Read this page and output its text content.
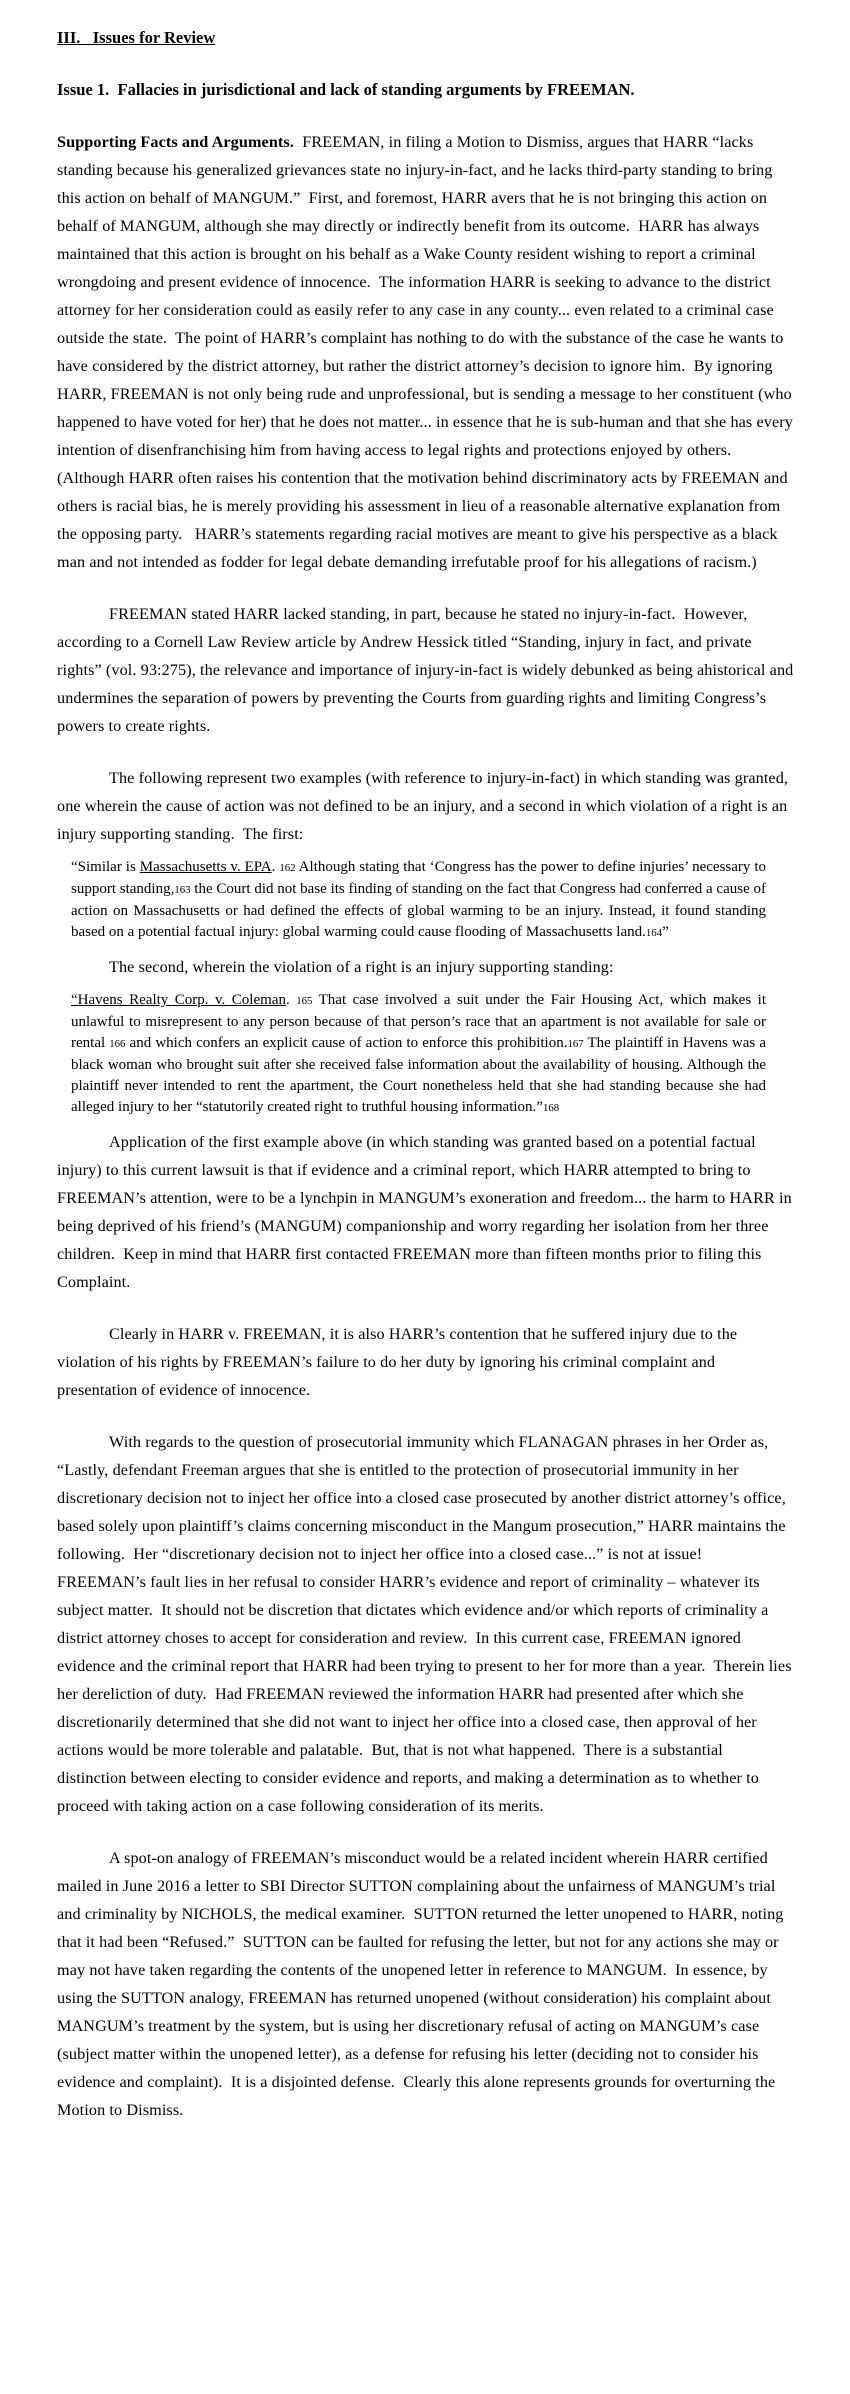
III.   Issues for Review
Issue 1.  Fallacies in jurisdictional and lack of standing arguments by FREEMAN.

Supporting Facts and Arguments.  FREEMAN, in filing a Motion to Dismiss, argues that HARR “lacks standing because his generalized grievances state no injury-in-fact, and he lacks third-party standing to bring this action on behalf of MANGUM.”  First, and foremost, HARR avers that he is not bringing this action on behalf of MANGUM, although she may directly or indirectly benefit from its outcome.  HARR has always maintained that this action is brought on his behalf as a Wake County resident wishing to report a criminal wrongdoing and present evidence of innocence.  The information HARR is seeking to advance to the district attorney for her consideration could as easily refer to any case in any county... even related to a criminal case outside the state.  The point of HARR’s complaint has nothing to do with the substance of the case he wants to have considered by the district attorney, but rather the district attorney’s decision to ignore him.  By ignoring HARR, FREEMAN is not only being rude and unprofessional, but is sending a message to her constituent (who happened to have voted for her) that he does not matter... in essence that he is sub-human and that she has every intention of disenfranchising him from having access to legal rights and protections enjoyed by others.  (Although HARR often raises his contention that the motivation behind discriminatory acts by FREEMAN and others is racial bias, he is merely providing his assessment in lieu of a reasonable alternative explanation from the opposing party.   HARR’s statements regarding racial motives are meant to give his perspective as a black man and not intended as fodder for legal debate demanding irrefutable proof for his allegations of racism.)

FREEMAN stated HARR lacked standing, in part, because he stated no injury-in-fact.  However, according to a Cornell Law Review article by Andrew Hessick titled “Standing, injury in fact, and private rights” (vol. 93:275), the relevance and importance of injury-in-fact is widely debunked as being ahistorical and undermines the separation of powers by preventing the Courts from guarding rights and limiting Congress’s powers to create rights.

The following represent two examples (with reference to injury-in-fact) in which standing was granted, one wherein the cause of action was not defined to be an injury, and a second in which violation of a right is an injury supporting standing.  The first:

“Similar is Massachusetts v. EPA. 162 Although stating that ‘Congress has the power to define injuries’ necessary to support standing,163 the Court did not base its finding of standing on the fact that Congress had conferred a cause of action on Massachusetts or had defined the effects of global warming to be an injury. Instead, it found standing based on a potential factual injury: global warming could cause flooding of Massachusetts land.164”

The second, wherein the violation of a right is an injury supporting standing:

“Havens Realty Corp. v. Coleman. 165 That case involved a suit under the Fair Housing Act, which makes it unlawful to misrepresent to any person because of that person’s race that an apartment is not available for sale or rental 166 and which confers an explicit cause of action to enforce this prohibition.167 The plaintiff in Havens was a black woman who brought suit after she received false information about the availability of housing. Although the plaintiff never intended to rent the apartment, the Court nonetheless held that she had standing because she had alleged injury to her “statutorily created right to truthful housing information.”168

Application of the first example above (in which standing was granted based on a potential factual injury) to this current lawsuit is that if evidence and a criminal report, which HARR attempted to bring to FREEMAN’s attention, were to be a lynchpin in MANGUM’s exoneration and freedom... the harm to HARR in being deprived of his friend’s (MANGUM) companionship and worry regarding her isolation from her three children.  Keep in mind that HARR first contacted FREEMAN more than fifteen months prior to filing this Complaint.

Clearly in HARR v. FREEMAN, it is also HARR’s contention that he suffered injury due to the violation of his rights by FREEMAN’s failure to do her duty by ignoring his criminal complaint and presentation of evidence of innocence.

With regards to the question of prosecutorial immunity which FLANAGAN phrases in her Order as, “Lastly, defendant Freeman argues that she is entitled to the protection of prosecutorial immunity in her discretionary decision not to inject her office into a closed case prosecuted by another district attorney’s office, based solely upon plaintiff’s claims concerning misconduct in the Mangum prosecution,” HARR maintains the following.  Her “discretionary decision not to inject her office into a closed case...” is not at issue!  FREEMAN’s fault lies in her refusal to consider HARR’s evidence and report of criminality – whatever its subject matter.  It should not be discretion that dictates which evidence and/or which reports of criminality a district attorney choses to accept for consideration and review.  In this current case, FREEMAN ignored evidence and the criminal report that HARR had been trying to present to her for more than a year.  Therein lies her dereliction of duty.  Had FREEMAN reviewed the information HARR had presented after which she discretionarily determined that she did not want to inject her office into a closed case, then approval of her actions would be more tolerable and palatable.  But, that is not what happened.  There is a substantial distinction between electing to consider evidence and reports, and making a determination as to whether to proceed with taking action on a case following consideration of its merits.

A spot-on analogy of FREEMAN’s misconduct would be a related incident wherein HARR certified mailed in June 2016 a letter to SBI Director SUTTON complaining about the unfairness of MANGUM’s trial and criminality by NICHOLS, the medical examiner.  SUTTON returned the letter unopened to HARR, noting that it had been “Refused.”  SUTTON can be faulted for refusing the letter, but not for any actions she may or may not have taken regarding the contents of the unopened letter in reference to MANGUM.  In essence, by using the SUTTON analogy, FREEMAN has returned unopened (without consideration) his complaint about MANGUM’s treatment by the system, but is using her discretionary refusal of acting on MANGUM’s case (subject matter within the unopened letter), as a defense for refusing his letter (deciding not to consider his evidence and complaint).  It is a disjointed defense.  Clearly this alone represents grounds for overturning the Motion to Dismiss.
